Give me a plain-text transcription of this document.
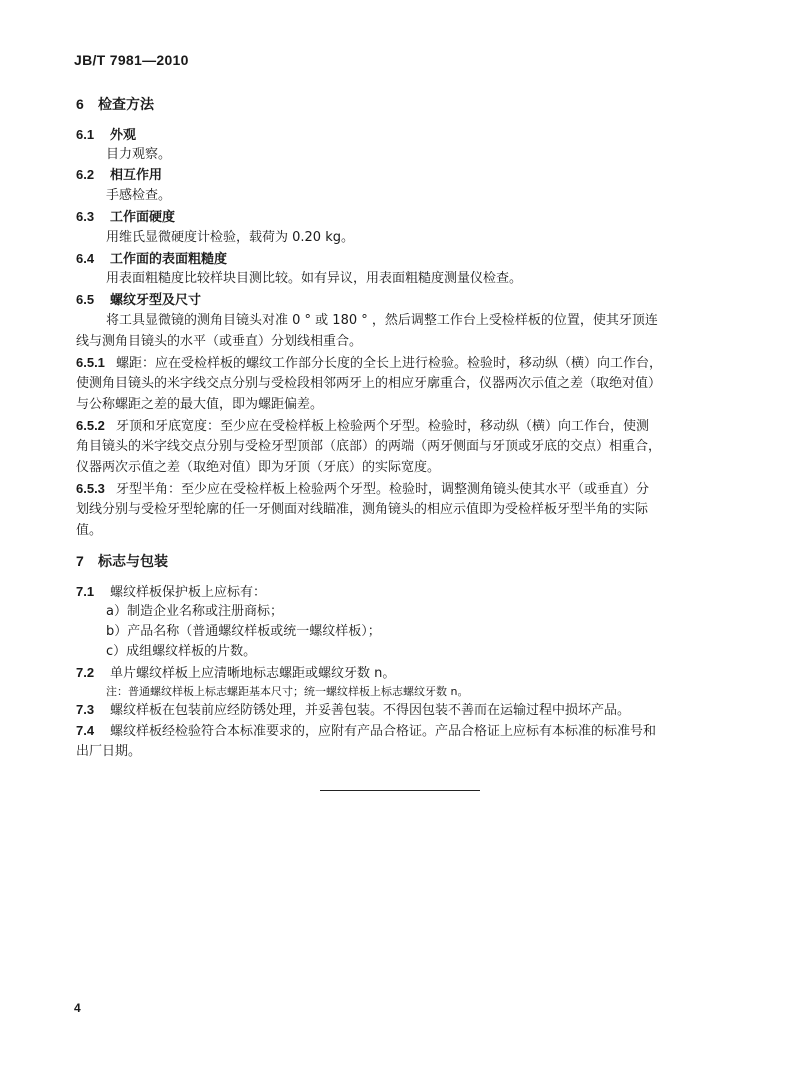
JB/T 7981—2010
6 检查方法
6.1 外观
目力观察。
6.2 相互作用
手感检查。
6.3 工作面硬度
用维氏显微硬度计检验，载荷为 0.20 kg。
6.4 工作面的表面粗糙度
用表面粗糙度比较样块目测比较。如有异议，用表面粗糙度测量仪检查。
6.5 螺纹牙型及尺寸
将工具显微镜的测角目镜头对准 0 ° 或 180 ° ，然后调整工作台上受检样板的位置，使其牙顶连
线与测角目镜头的水平（或垂直）分划线相重合。
6.5.1 螺距：应在受检样板的螺纹工作部分长度的全长上进行检验。检验时，移动纵（横）向工作台，
使测角目镜头的米字线交点分别与受检段相邻两牙上的相应牙廓重合，仪器两次示值之差（取绝对值）
与公称螺距之差的最大值，即为螺距偏差。
6.5.2 牙顶和牙底宽度：至少应在受检样板上检验两个牙型。检验时，移动纵（横）向工作台，使测
角目镜头的米字线交点分别与受检牙型顶部（底部）的两端（两牙侧面与牙顶或牙底的交点）相重合，
仪器两次示值之差（取绝对值）即为牙顶（牙底）的实际宽度。
6.5.3 牙型半角：至少应在受检样板上检验两个牙型。检验时，调整测角镜头使其水平（或垂直）分
划线分别与受检牙型轮廓的任一牙侧面对线瞄准，测角镜头的相应示值即为受检样板牙型半角的实际
值。
7 标志与包装
7.1 螺纹样板保护板上应标有：
a）制造企业名称或注册商标；
b）产品名称（普通螺纹样板或统一螺纹样板）；
c）成组螺纹样板的片数。
7.2 单片螺纹样板上应清晰地标志螺距或螺纹牙数 n。
注：普通螺纹样板上标志螺距基本尺寸；统一螺纹样板上标志螺纹牙数 n。
7.3 螺纹样板在包装前应经防锈处理，并妥善包装。不得因包装不善而在运输过程中损坏产品。
7.4 螺纹样板经检验符合本标准要求的，应附有产品合格证。产品合格证上应标有本标准的标准号和
出厂日期。
4
